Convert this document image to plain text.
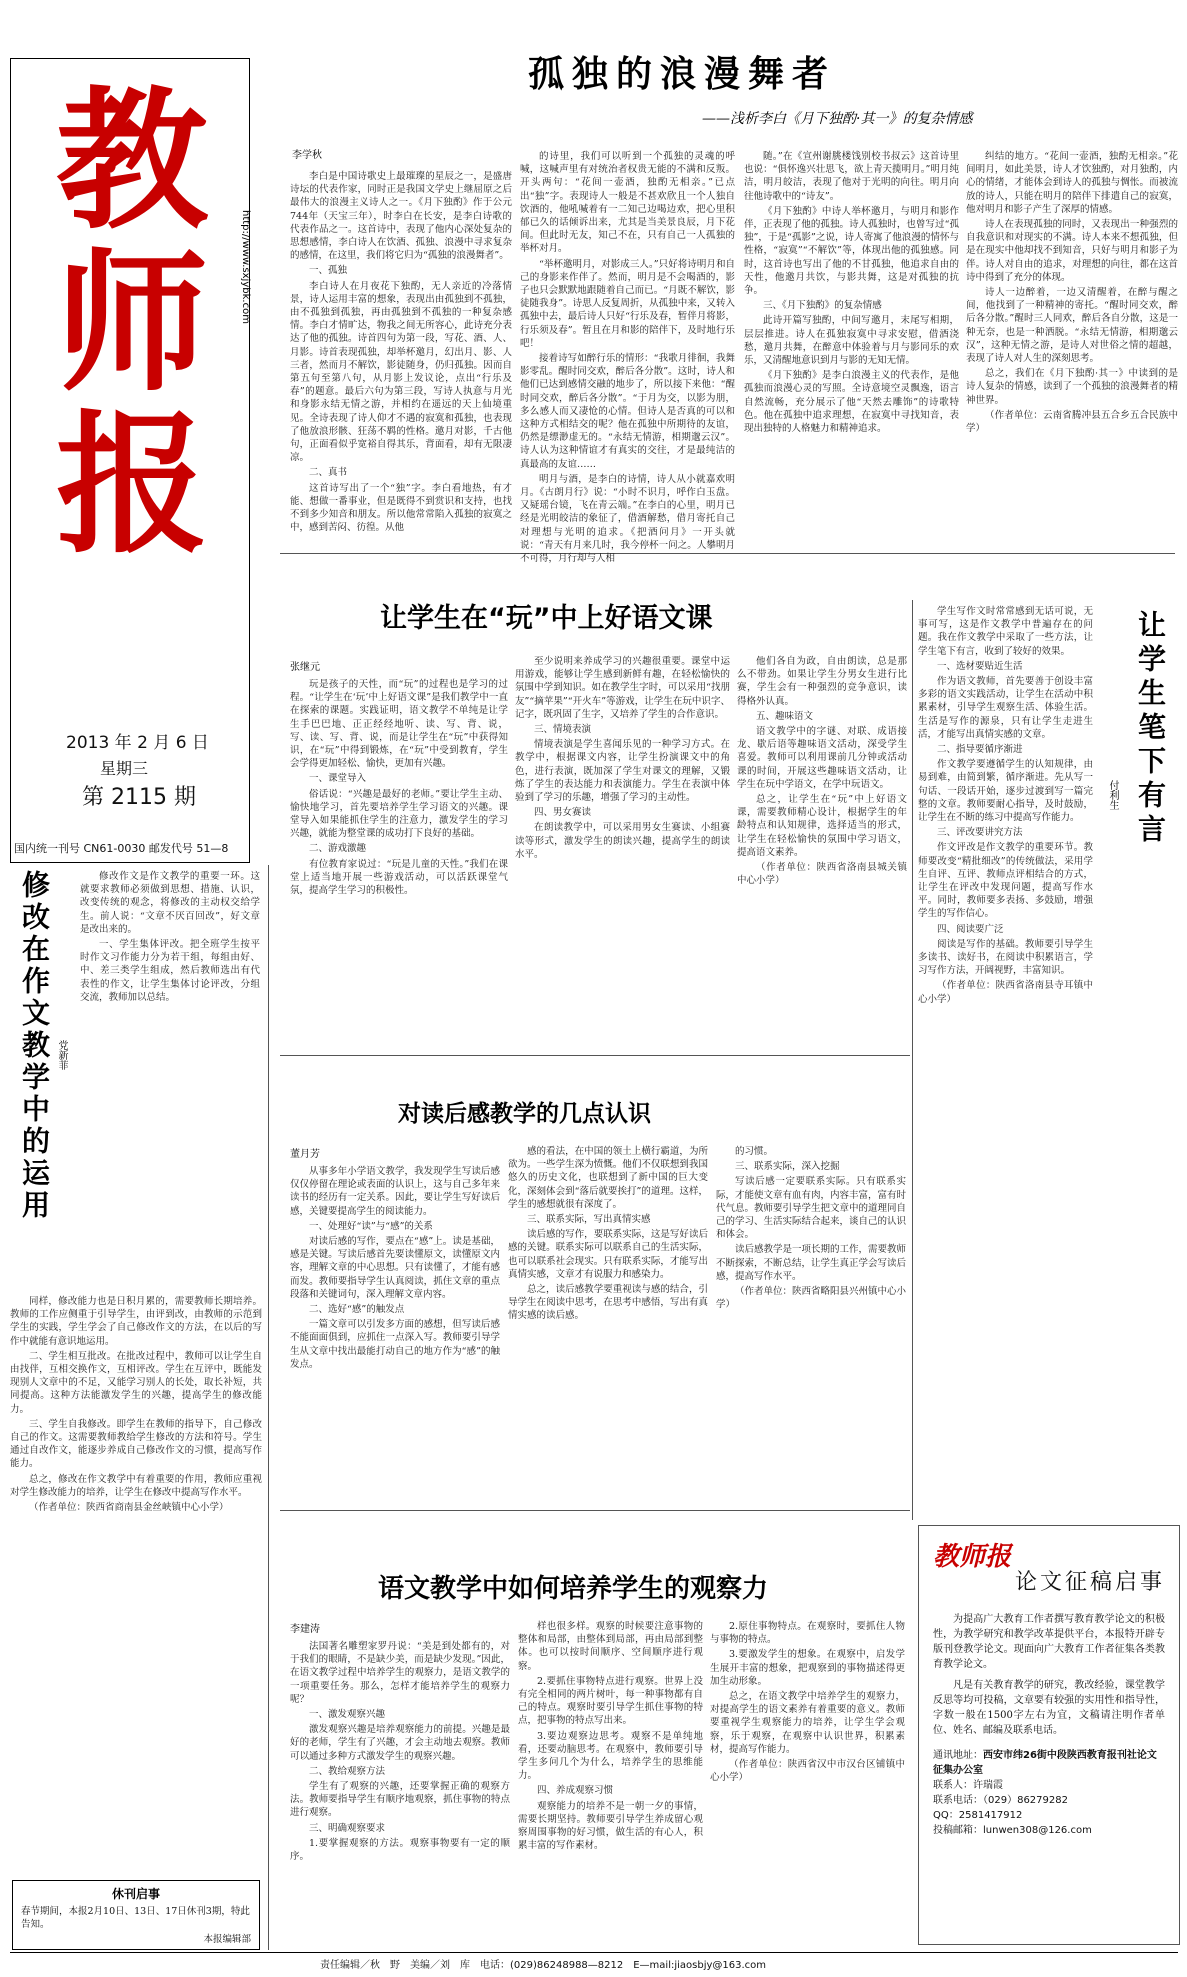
教师报	http://www.sxjybk.com
2013 年 2 月 6 日
星期三
第 2115 期
国内统一刊号 CN61-0030 邮发代号 51—8
孤独的浪漫舞者
——浅析李白《月下独酌·其一》的复杂情感
李学秋

李白是中国诗歌史上最璀璨的星辰之一，是盛唐诗坛的代表作家，同时正是我国文学史上继屈原之后最伟大的浪漫主义诗人之一。《月下独酌》作于公元744年（天宝三年），时李白在长安，是李白诗歌的代表作品之一。这首诗中，表现了他内心深处复杂的思想感情，李白诗人在饮酒、孤独、浪漫中寻求复杂的感情，在这里，我们将它归为“孤独的浪漫舞者”。

一、孤独

李白诗人在月夜花下独酌，无人亲近的冷落情景，诗人运用丰富的想象，表现出由孤独到不孤独，由不孤独到孤独，再由孤独到不孤独的一种复杂感情。李白才情旷达，物我之间无所容心，此诗充分表达了他的孤独。诗首四句为第一段，写花、酒、人、月影。诗首表现孤独，却举杯邀月，幻出月、影、人三者，然而月不解饮，影徒随身，仍归孤独。因而自第五句至第八句，从月影上发议论，点出“行乐及春”的题意。最后六句为第三段，写诗人执意与月光和身影永结无情之游，并相约在遥远的天上仙境重见。全诗表现了诗人仰才不遇的寂寞和孤独，也表现了他放浪形骸、狂荡不羁的性格。邀月对影，千古他句，正面看似乎宽裕自得其乐，背面看，却有无限凄凉。

二、真书

这首诗写出了一个“独”字。李白看地热，有才能、想做一番事业，但是既得不到赏识和支持，也找不到多少知音和朋友。所以他常常陷入孤独的寂寞之中，感到苦闷、彷徨。从他

的诗里，我们可以听到一个孤独的灵魂的呼喊，这喊声里有对统治者权贵无能的不满和反叛。开头两句：“花间一壶酒，独酌无相亲。”已点出“独”字。表现诗人一般是不甚欢欣且一个人独自饮酒的，他吼喊着有一二知己边喝边欢，把心里积郁已久的话倾诉出来，尤其是当美景良辰，月下花间。但此时无友，知己不在，只有自己一人孤独的举杯对月。

“举杯邀明月，对影成三人。”只好将诗明月和自己的身影来作伴了。然而，明月是不会喝酒的，影子也只会默默地跟随着自己而已。“月既不解饮，影徒随我身”。诗思人反复周折，从孤独中来，又转入孤独中去，最后诗人只好“行乐及春，暂伴月将影，行乐须及春”。暂且在月和影的陪伴下，及时地行乐吧！

接着诗写如醉行乐的情形：“我歌月徘徊，我舞影零乱。醒时同交欢，醉后各分散”。这时，诗人和他们已达到感情交融的地步了，所以接下来他：“醒时同交欢，醉后各分散”。“于月为交，以影为朋，多么感人而又凄怆的心情。但诗人是否真的可以和这种方式相结交的呢？他在孤独中所期待的友谊，仍然是缥渺虚无的。“永结无情游，相期邈云汉”。诗人认为这种情谊才有真实的交往，才是最纯洁的真最高的友谊……

明月与酒，是李白的诗情，诗人从小就嘉欢明月。《古朗月行》说：“小时不识月，呼作白玉盘。又疑瑶台镜，飞在青云端。”在李白的心里，明月已经是光明皎洁的象征了，借酒解愁，借月寄托自己对理想与光明的追求。《把酒问月》一开头就说：“青天有月来几时，我今停杯一问之。人攀明月不可得，月行却与人相

随。”在《宣州谢朓楼饯别校书叔云》这首诗里也说：“俱怀逸兴壮思飞，欲上青天揽明月。”明月纯洁，明月皎洁，表现了他对于光明的向往。明月向往他诗歌中的“诗友”。

《月下独酌》中诗人举杯邀月，与明月和影作伴，正表现了他的孤独。诗人孤独时，也曾写过“孤独”，于是“孤影”之说，诗人寄寓了他浪漫的情怀与性格，“寂寞”“不解饮”等，体现出他的孤独感。同时，这首诗也写出了他的不甘孤独，他追求自由的天性，他邀月共饮，与影共舞，这是对孤独的抗争。

三、《月下独酌》的复杂情感

此诗开篇写独酌，中间写邀月，末尾写相期，层层推进。诗人在孤独寂寞中寻求安慰，借酒浇愁，邀月共舞，在醉意中体验着与月与影同乐的欢乐，又清醒地意识到月与影的无知无情。

《月下独酌》是李白浪漫主义的代表作，是他孤独而浪漫心灵的写照。全诗意境空灵飘逸，语言自然流畅，充分展示了他“天然去雕饰”的诗歌特色。他在孤独中追求理想，在寂寞中寻找知音，表现出独特的人格魅力和精神追求。

纠结的地方。“花间一壶酒，独酌无相亲。”花间明月，如此美景，诗人才饮独酌，对月独酌，内心的情绪，才能体会到诗人的孤独与惆怅。而被流放的诗人，只能在明月的陪伴下排遣自己的寂寞，他对明月和影子产生了深厚的情感。

诗人在表现孤独的同时，又表现出一种强烈的自我意识和对现实的不满。诗人本来不想孤独，但是在现实中他却找不到知音，只好与明月和影子为伴。诗人对自由的追求，对理想的向往，都在这首诗中得到了充分的体现。

诗人一边醉着，一边又清醒着，在醉与醒之间，他找到了一种精神的寄托。“醒时同交欢，醉后各分散。”醒时三人同欢，醉后各自分散，这是一种无奈，也是一种洒脱。“永结无情游，相期邈云汉”，这种无情之游，是诗人对世俗之情的超越，表现了诗人对人生的深刻思考。

总之，我们在《月下独酌·其一》中读到的是诗人复杂的情感，读到了一个孤独的浪漫舞者的精神世界。

（作者单位：云南省腾冲县五合乡五合民族中学）

让学生在“玩”中上好语文课
张继元

玩是孩子的天性，而“玩”的过程也是学习的过程。“让学生在‘玩’中上好语文课”是我们教学中一直在探索的课题。实践证明，语文教学不单纯是让学生手巴巴地、正正经经地听、读、写、背、说，写、读、写、背、说，而是让学生在“玩”中获得知识，在“玩”中得到锻炼，在“玩”中受到教育，学生会学得更加轻松、愉快，更加有兴趣。

一、课堂导入

俗话说：“兴趣是最好的老师。”要让学生主动、愉快地学习，首先要培养学生学习语文的兴趣。课堂导入如果能抓住学生的注意力，激发学生的学习兴趣，就能为整堂课的成功打下良好的基础。

二、游戏激趣

有位教育家说过：“玩是儿童的天性。”我们在课堂上适当地开展一些游戏活动，可以活跃课堂气氛，提高学生学习的积极性。

至少说明来养成学习的兴趣很重要。课堂中运用游戏，能够让学生感到新鲜有趣，在轻松愉快的氛围中学到知识。如在教学生字时，可以采用“找朋友”“摘苹果”“开火车”等游戏，让学生在玩中识字、记字，既巩固了生字，又培养了学生的合作意识。

三、情境表演

情境表演是学生喜闻乐见的一种学习方式。在教学中，根据课文内容，让学生扮演课文中的角色，进行表演，既加深了学生对课文的理解，又锻炼了学生的表达能力和表演能力。学生在表演中体验到了学习的乐趣，增强了学习的主动性。

四、男女赛读

在朗读教学中，可以采用男女生赛读、小组赛读等形式，激发学生的朗读兴趣，提高学生的朗读水平。

他们各自为政，自由朗读，总是那么不带劲。如果让学生分男女生进行比赛，学生会有一种强烈的竞争意识，读得格外认真。

五、趣味语文

语文教学中的字谜、对联、成语接龙、歇后语等趣味语文活动，深受学生喜爱。教师可以利用课前几分钟或活动课的时间，开展这些趣味语文活动，让学生在玩中学语文，在学中玩语文。

总之，让学生在“玩”中上好语文课，需要教师精心设计，根据学生的年龄特点和认知规律，选择适当的形式，让学生在轻松愉快的氛围中学习语文，提高语文素养。

（作者单位：陕西省洛南县城关镇中心小学）

学生写作文时常常感到无话可说，无事可写，这是作文教学中普遍存在的问题。我在作文教学中采取了一些方法，让学生笔下有言，收到了较好的效果。

一、选材要贴近生活

作为语文教师，首先要善于创设丰富多彩的语文实践活动，让学生在活动中积累素材，引导学生观察生活、体验生活。生活是写作的源泉，只有让学生走进生活，才能写出真情实感的文章。

二、指导要循序渐进

作文教学要遵循学生的认知规律，由易到难，由简到繁，循序渐进。先从写一句话、一段话开始，逐步过渡到写一篇完整的文章。教师要耐心指导，及时鼓励，让学生在不断的练习中提高写作能力。

三、评改要讲究方法

作文评改是作文教学的重要环节。教师要改变“精批细改”的传统做法，采用学生自评、互评、教师点评相结合的方式，让学生在评改中发现问题，提高写作水平。同时，教师要多表扬、多鼓励，增强学生的写作信心。

四、阅读要广泛

阅读是写作的基础。教师要引导学生多读书、读好书，在阅读中积累语言，学习写作方法，开阔视野，丰富知识。

（作者单位：陕西省洛南县寺耳镇中心小学）

让学生笔下有言
付利生
修改在作文教学中的运用 党新菲

修改作文是作文教学的重要一环。这就要求教师必须做到思想、措施、认识，改变传统的观念，将修改的主动权交给学生。前人说：“文章不厌百回改”，好文章是改出来的。

一、学生集体评改。把全班学生按平时作文习作能力分为若干组，每组由好、中、差三类学生组成，然后教师选出有代表性的作文，让学生集体讨论评改，分组交流，教师加以总结。

同样，修改能力也是日积月累的，需要教师长期培养。教师的工作应侧重于引导学生，由评到改，由教师的示范到学生的实践，学生学会了自己修改作文的方法，在以后的写作中就能有意识地运用。

二、学生相互批改。在批改过程中，教师可以让学生自由找伴，互相交换作文，互相评改。学生在互评中，既能发现别人文章中的不足，又能学习别人的长处，取长补短，共同提高。这种方法能激发学生的兴趣，提高学生的修改能力。

三、学生自我修改。即学生在教师的指导下，自己修改自己的作文。这需要教师教给学生修改的方法和符号。学生通过自改作文，能逐步养成自己修改作文的习惯，提高写作能力。

总之，修改在作文教学中有着重要的作用，教师应重视对学生修改能力的培养，让学生在修改中提高写作水平。

（作者单位：陕西省商南县金丝峡镇中心小学）

休刊启事
春节期间，本报2月10日、13日、17日休刊3期，特此告知。
本报编辑部
对读后感教学的几点认识
董月芳

从事多年小学语文教学，我发现学生写读后感仅仅停留在理论或表面的认识上，这与自己多年来读书的经历有一定关系。因此，要让学生写好读后感，关键要提高学生的阅读能力。

一、处理好“读”与“感”的关系

对读后感的写作，要点在“感”上。读是基础，感是关键。写读后感首先要读懂原文，读懂原文内容，理解文章的中心思想。只有读懂了，才能有感而发。教师要指导学生认真阅读，抓住文章的重点段落和关键词句，深入理解文章内容。

二、选好“感”的触发点

一篇文章可以引发多方面的感想，但写读后感不能面面俱到，应抓住一点深入写。教师要引导学生从文章中找出最能打动自己的地方作为“感”的触发点。

感的看法，在中国的领土上横行霸道，为所欲为。一些学生深为愤慨。他们不仅联想到我国悠久的历史文化，也联想到了新中国的巨大变化，深刻体会到“落后就要挨打”的道理。这样，学生的感想就很有深度了。

三、联系实际，写出真情实感

读后感的写作，要联系实际，这是写好读后感的关键。联系实际可以联系自己的生活实际，也可以联系社会现实。只有联系实际，才能写出真情实感，文章才有说服力和感染力。

总之，读后感教学要重视读与感的结合，引导学生在阅读中思考，在思考中感悟，写出有真情实感的读后感。

的习惯。

三、联系实际，深入挖掘

写读后感一定要联系实际。只有联系实际，才能使文章有血有肉，内容丰富，富有时代气息。教师要引导学生把文章中的道理同自己的学习、生活实际结合起来，谈自己的认识和体会。

读后感教学是一项长期的工作，需要教师不断探索，不断总结，让学生真正学会写读后感，提高写作水平。

（作者单位：陕西省略阳县兴州镇中心小学）

语文教学中如何培养学生的观察力
李建涛

法国著名雕塑家罗丹说：“美是到处都有的，对于我们的眼睛，不是缺少美，而是缺少发现。”因此，在语文教学过程中培养学生的观察力，是语文教学的一项重要任务。那么，怎样才能培养学生的观察力呢？

一、激发观察兴趣

激发观察兴趣是培养观察能力的前提。兴趣是最好的老师，学生有了兴趣，才会主动地去观察。教师可以通过多种方式激发学生的观察兴趣。

二、教给观察方法

学生有了观察的兴趣，还要掌握正确的观察方法。教师要指导学生有顺序地观察，抓住事物的特点进行观察。

三、明确观察要求

1.要掌握观察的方法。观察事物要有一定的顺序。

样也很多样。观察的时候要注意事物的整体和局部，由整体到局部，再由局部到整体。也可以按时间顺序、空间顺序进行观察。

2.要抓住事物特点进行观察。世界上没有完全相同的两片树叶，每一种事物都有自己的特点。观察时要引导学生抓住事物的特点，把事物的特点写出来。

3.要边观察边思考。观察不是单纯地看，还要动脑思考。在观察中，教师要引导学生多问几个为什么，培养学生的思维能力。

四、养成观察习惯

观察能力的培养不是一朝一夕的事情，需要长期坚持。教师要引导学生养成留心观察周围事物的好习惯，做生活的有心人，积累丰富的写作素材。

2.原住事物特点。在观察时，要抓住人物与事物的特点。

3.要激发学生的想象。在观察中，启发学生展开丰富的想象，把观察到的事物描述得更加生动形象。

总之，在语文教学中培养学生的观察力，对提高学生的语文素养有着重要的意义。教师要重视学生观察能力的培养，让学生学会观察，乐于观察，在观察中认识世界，积累素材，提高写作能力。

（作者单位：陕西省汉中市汉台区铺镇中心小学）

教师报
论文征稿启事
为提高广大教育工作者撰写教育教学论文的积极性，为教学研究和教学改革提供平台，本报特开辟专版刊登教学论文。现面向广大教育工作者征集各类教育教学论文。
凡是有关教育教学的研究，教改经验，课堂教学反思等均可投稿，文章要有较强的实用性和指导性，字数一般在1500字左右为宜，文稿请注明作者单位、姓名、邮编及联系电话。
通讯地址：西安市纬26街中段陕西教育报刊社论文征集办公室
联系人：许瑞霞
联系电话：（029）86279282
QQ：2581417912
投稿邮箱：lunwen308@126.com
责任编辑／秋　野　美编／刘　库　电话：(029)86248988—8212　E—mail:jiaosbjy@163.com
